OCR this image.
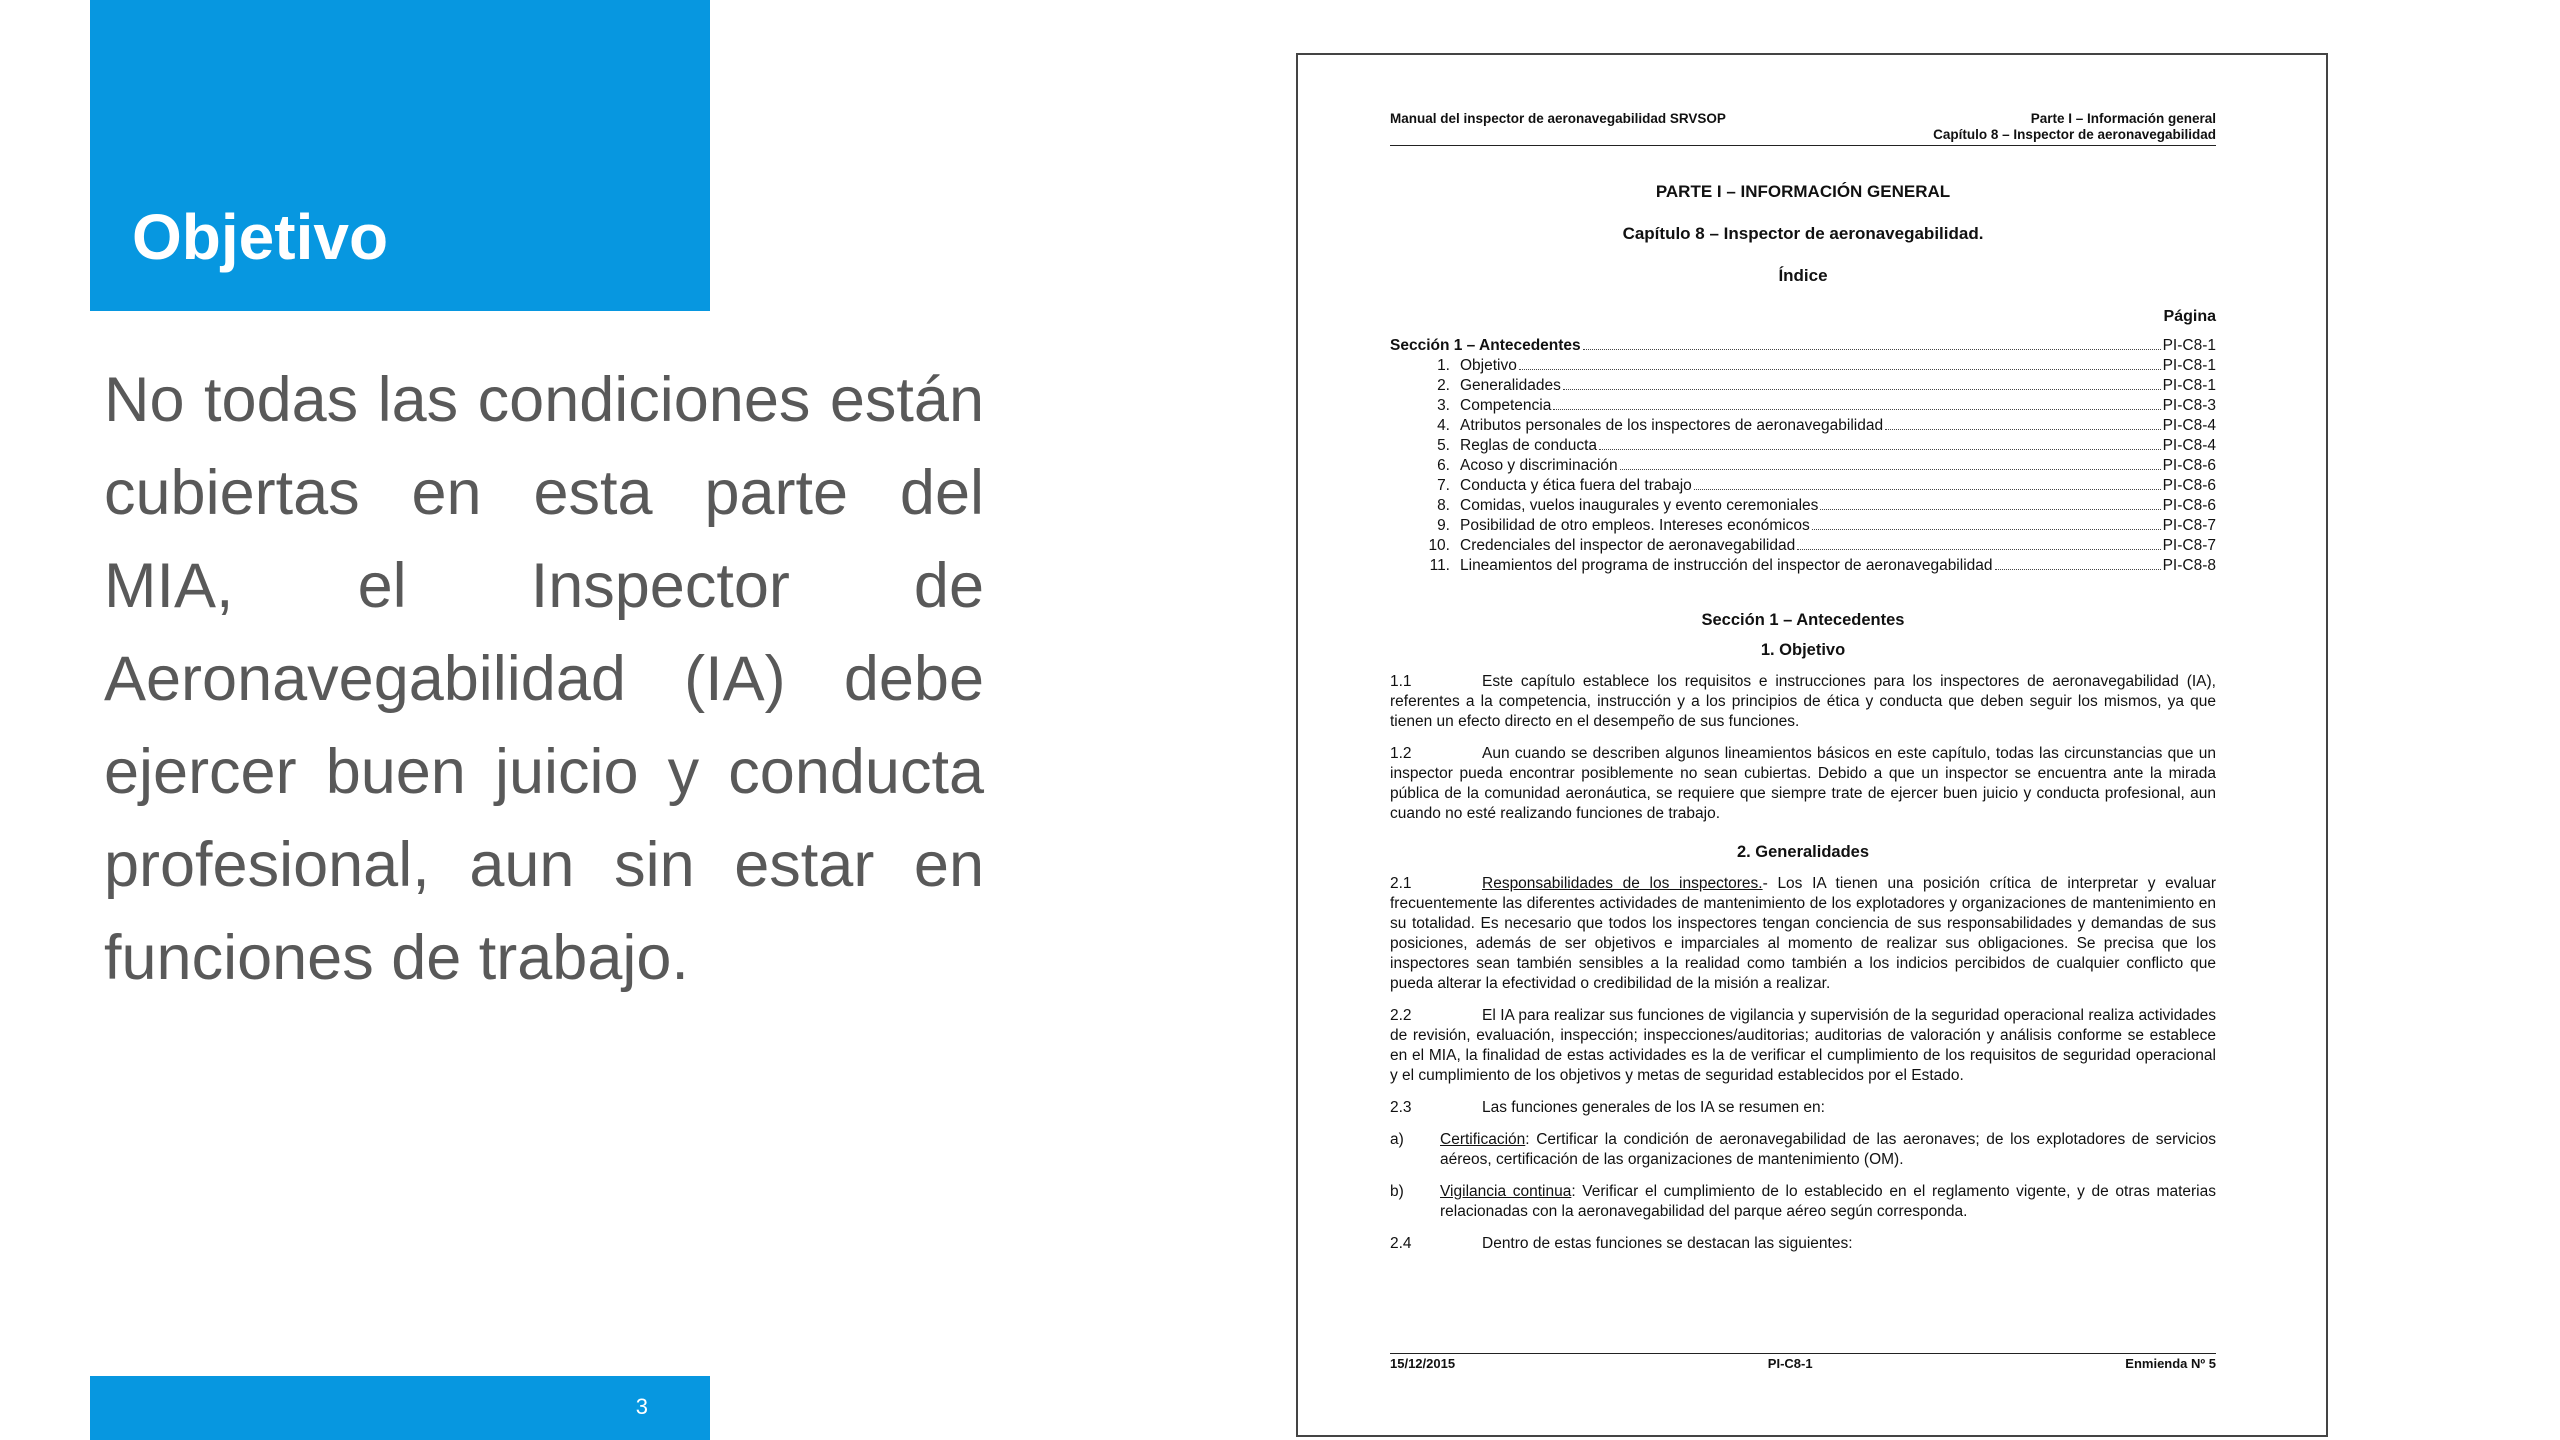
Objetivo
No todas las condiciones están cubiertas en esta parte del MIA, el Inspector de Aeronavegabilidad (IA) debe ejercer buen juicio y conducta profesional, aun sin estar en funciones de trabajo.
3
Manual del inspector de aeronavegabilidad SRVSOP	Parte I – Información general
Capítulo 8 – Inspector de aeronavegabilidad
PARTE I – INFORMACIÓN GENERAL
Capítulo 8 – Inspector de aeronavegabilidad.
Índice
Página
Sección 1 – Antecedentes	PI-C8-1
1. Objetivo	PI-C8-1
2. Generalidades	PI-C8-1
3. Competencia	PI-C8-3
4. Atributos personales de los inspectores de aeronavegabilidad	PI-C8-4
5. Reglas de conducta	PI-C8-4
6. Acoso y discriminación	PI-C8-6
7. Conducta y ética fuera del trabajo	PI-C8-6
8. Comidas, vuelos inaugurales y evento ceremoniales	PI-C8-6
9. Posibilidad de otro empleos. Intereses económicos	PI-C8-7
10. Credenciales del inspector de aeronavegabilidad	PI-C8-7
11. Lineamientos del programa de instrucción del inspector de aeronavegabilidad	PI-C8-8
Sección 1 – Antecedentes
1. Objetivo
1.1	Este capítulo establece los requisitos e instrucciones para los inspectores de aeronavegabilidad (IA), referentes a la competencia, instrucción y a los principios de ética y conducta que deben seguir los mismos, ya que tienen un efecto directo en el desempeño de sus funciones.
1.2	Aun cuando se describen algunos lineamientos básicos en este capítulo, todas las circunstancias que un inspector pueda encontrar posiblemente no sean cubiertas. Debido a que un inspector se encuentra ante la mirada pública de la comunidad aeronáutica, se requiere que siempre trate de ejercer buen juicio y conducta profesional, aun cuando no esté realizando funciones de trabajo.
2. Generalidades
2.1	Responsabilidades de los inspectores.- Los IA tienen una posición crítica de interpretar y evaluar frecuentemente las diferentes actividades de mantenimiento de los explotadores y organizaciones de mantenimiento en su totalidad. Es necesario que todos los inspectores tengan conciencia de sus responsabilidades y demandas de sus posiciones, además de ser objetivos e imparciales al momento de realizar sus obligaciones. Se precisa que los inspectores sean también sensibles a la realidad como también a los indicios percibidos de cualquier conflicto que pueda alterar la efectividad o credibilidad de la misión a realizar.
2.2	El IA para realizar sus funciones de vigilancia y supervisión de la seguridad operacional realiza actividades de revisión, evaluación, inspección; inspecciones/auditorias; auditorias de valoración y análisis conforme se establece en el MIA, la finalidad de estas actividades es la de verificar el cumplimiento de los requisitos de seguridad operacional y el cumplimiento de los objetivos y metas de seguridad establecidos por el Estado.
2.3	Las funciones generales de los IA se resumen en:
a)	Certificación: Certificar la condición de aeronavegabilidad de las aeronaves; de los explotadores de servicios aéreos, certificación de las organizaciones de mantenimiento (OM).
b)	Vigilancia continua: Verificar el cumplimiento de lo establecido en el reglamento vigente, y de otras materias relacionadas con la aeronavegabilidad del parque aéreo según corresponda.
2.4	Dentro de estas funciones se destacan las siguientes:
15/12/2015	PI-C8-1	Enmienda Nº 5
